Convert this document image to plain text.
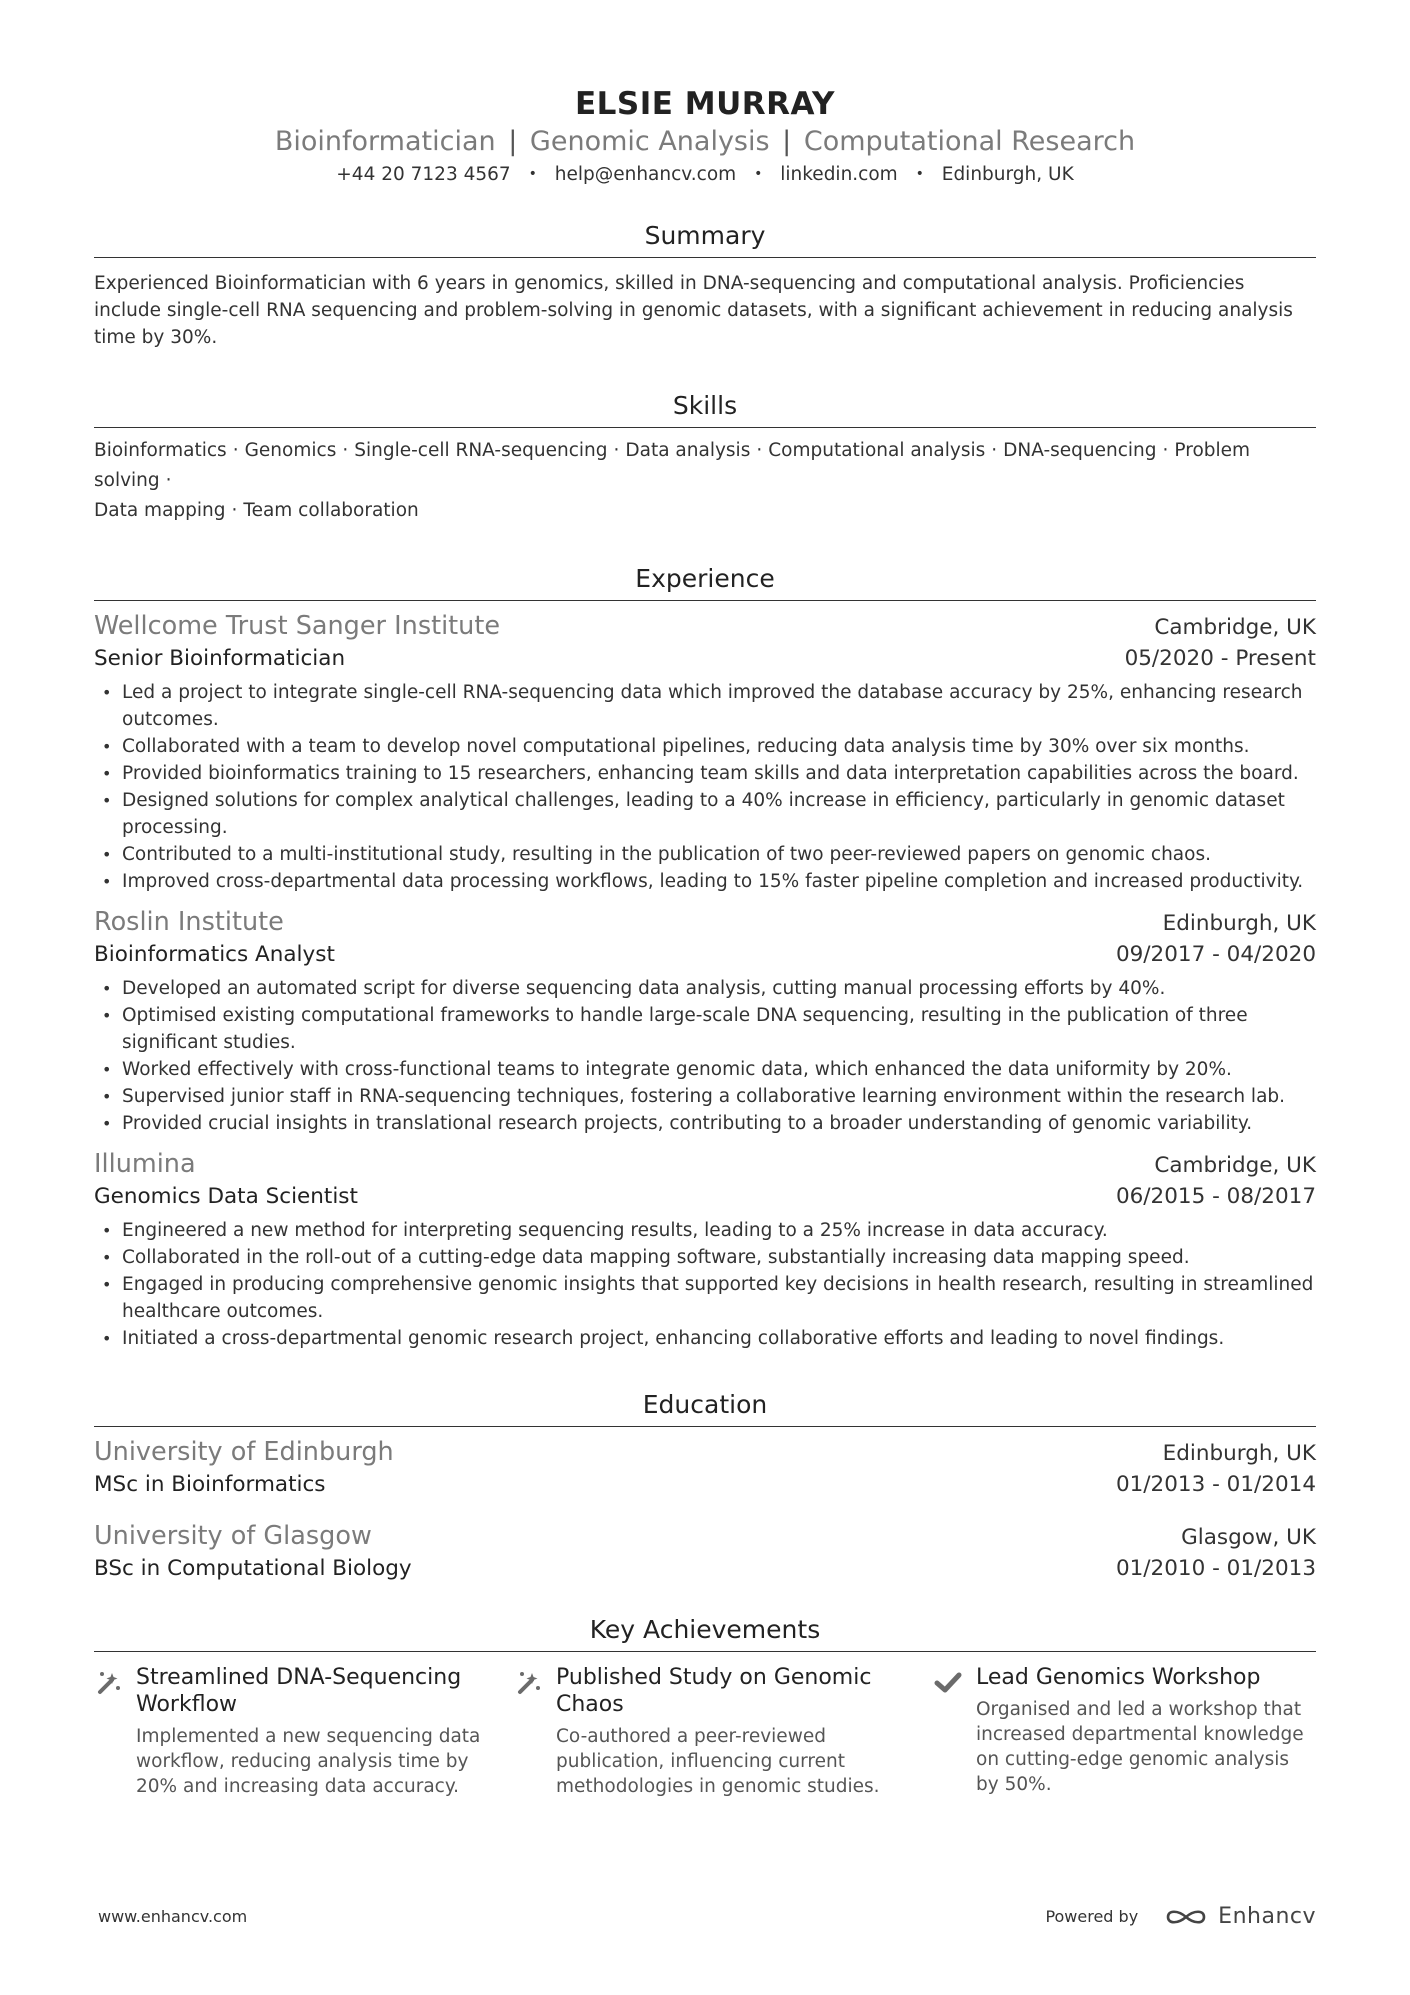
ELSIE MURRAY
Bioinformatician | Genomic Analysis | Computational Research
+44 20 7123 4567 • help@enhancv.com • linkedin.com • Edinburgh, UK
Summary
Experienced Bioinformatician with 6 years in genomics, skilled in DNA-sequencing and computational analysis. Proficiencies include single-cell RNA sequencing and problem-solving in genomic datasets, with a significant achievement in reducing analysis time by 30%.
Skills
Bioinformatics · Genomics · Single-cell RNA-sequencing · Data analysis · Computational analysis · DNA-sequencing · Problem solving ·
Data mapping · Team collaboration
Experience
Wellcome Trust Sanger Institute	Cambridge, UK
Senior Bioinformatician	05/2020 - Present
• Led a project to integrate single-cell RNA-sequencing data which improved the database accuracy by 25%, enhancing research outcomes.
• Collaborated with a team to develop novel computational pipelines, reducing data analysis time by 30% over six months.
• Provided bioinformatics training to 15 researchers, enhancing team skills and data interpretation capabilities across the board.
• Designed solutions for complex analytical challenges, leading to a 40% increase in efficiency, particularly in genomic dataset processing.
• Contributed to a multi-institutional study, resulting in the publication of two peer-reviewed papers on genomic chaos.
• Improved cross-departmental data processing workflows, leading to 15% faster pipeline completion and increased productivity.
Roslin Institute	Edinburgh, UK
Bioinformatics Analyst	09/2017 - 04/2020
• Developed an automated script for diverse sequencing data analysis, cutting manual processing efforts by 40%.
• Optimised existing computational frameworks to handle large-scale DNA sequencing, resulting in the publication of three significant studies.
• Worked effectively with cross-functional teams to integrate genomic data, which enhanced the data uniformity by 20%.
• Supervised junior staff in RNA-sequencing techniques, fostering a collaborative learning environment within the research lab.
• Provided crucial insights in translational research projects, contributing to a broader understanding of genomic variability.
Illumina	Cambridge, UK
Genomics Data Scientist	06/2015 - 08/2017
• Engineered a new method for interpreting sequencing results, leading to a 25% increase in data accuracy.
• Collaborated in the roll-out of a cutting-edge data mapping software, substantially increasing data mapping speed.
• Engaged in producing comprehensive genomic insights that supported key decisions in health research, resulting in streamlined healthcare outcomes.
• Initiated a cross-departmental genomic research project, enhancing collaborative efforts and leading to novel findings.
Education
University of Edinburgh	Edinburgh, UK
MSc in Bioinformatics	01/2013 - 01/2014
University of Glasgow	Glasgow, UK
BSc in Computational Biology	01/2010 - 01/2013
Key Achievements
Streamlined DNA-Sequencing Workflow
Implemented a new sequencing data workflow, reducing analysis time by 20% and increasing data accuracy.
Published Study on Genomic Chaos
Co-authored a peer-reviewed publication, influencing current methodologies in genomic studies.
Lead Genomics Workshop
Organised and led a workshop that increased departmental knowledge on cutting-edge genomic analysis by 50%.
www.enhancv.com	Powered by	Enhancv
